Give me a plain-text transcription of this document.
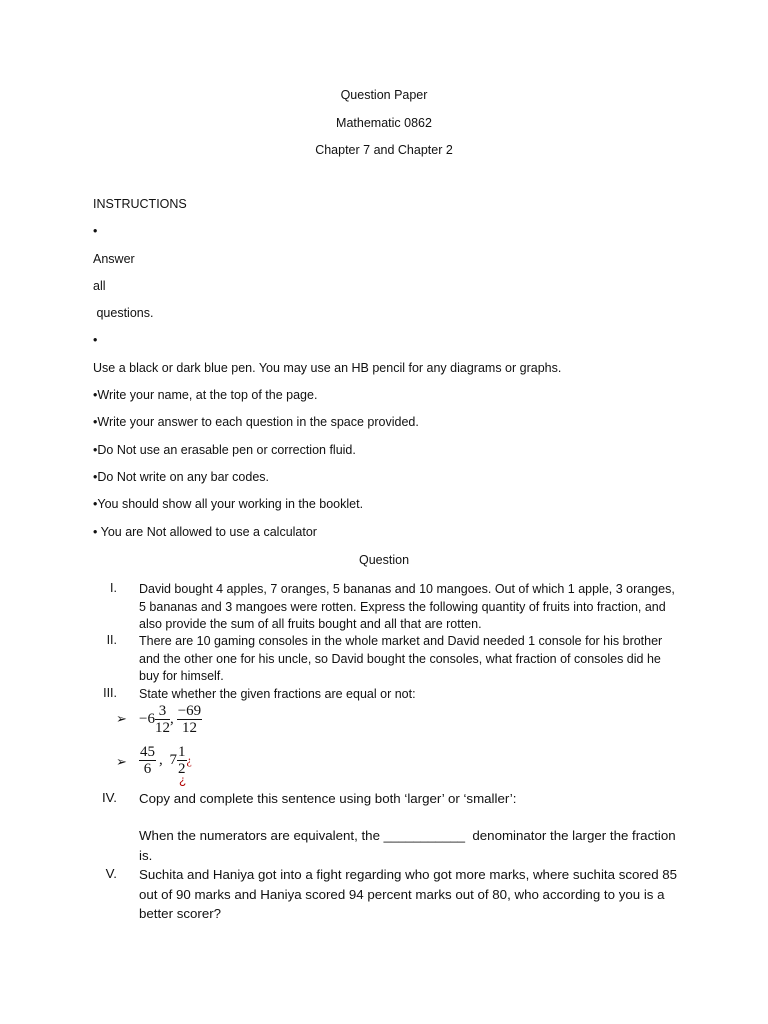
Question Paper
Mathematic 0862
Chapter 7 and Chapter 2
INSTRUCTIONS
•
Answer
all
questions.
•
Use a black or dark blue pen. You may use an HB pencil for any diagrams or graphs.
•Write your name, at the top of the page.
•Write your answer to each question in the space provided.
•Do Not use an erasable pen or correction fluid.
•Do Not write on any bar codes.
•You should show all your working in the booklet.
• You are Not allowed to use a calculator
Question
I. David bought 4 apples, 7 oranges, 5 bananas and 10 mangoes. Out of which 1 apple, 3 oranges, 5 bananas and 3 mangoes were rotten. Express the following quantity of fruits into fraction, and also provide the sum of all fruits bought and all that are rotten.
II. There are 10 gaming consoles in the whole market and David needed 1 console for his brother and the other one for his uncle, so David bought the consoles, what fraction of consoles did he buy for himself.
III. State whether the given fractions are equal or not:
➢ $-6 \frac{3}{12}$ , $\frac{-69}{12}$
➢ $\frac{45}{6}$ , $7 \frac{1}{2}$ ¿
¿
IV. Copy and complete this sentence using both ‘larger’ or ‘smaller’:
When the numerators are equivalent, the ___________  denominator the larger the fraction is.
V. Suchita and Haniya got into a fight regarding who got more marks, where suchita scored 85 out of 90 marks and Haniya scored 94 percent marks out of 80, who according to you is a better scorer?
